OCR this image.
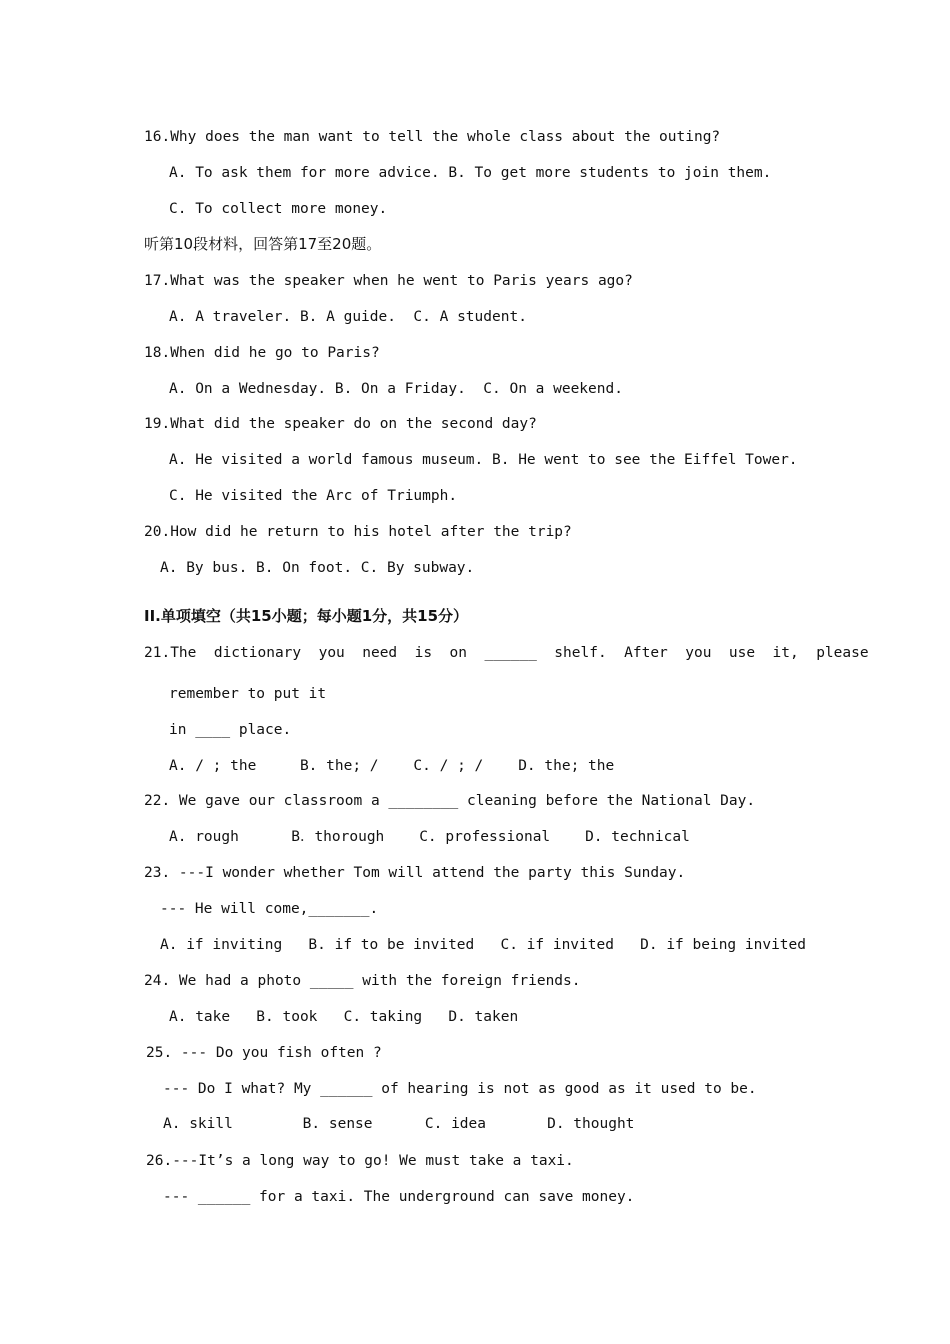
16.Why does the man want to tell the whole class about the outing?
A. To ask them for more advice. B. To get more students to join them.
C. To collect more money.
听第10段材料，回答第17至20题。
17.What was the speaker when he went to Paris years ago?
A. A traveler. B. A guide.  C. A student.
18.When did he go to Paris?
A. On a Wednesday. B. On a Friday.  C. On a weekend.
19.What did the speaker do on the second day?
A. He visited a world famous museum. B. He went to see the Eiffel Tower.
C. He visited the Arc of Triumph.
20.How did he return to his hotel after the trip?
A. By bus. B. On foot. C. By subway.
II.单项填空（共15小题；每小题1分，共15分）
21.The  dictionary  you  need  is  on  ______  shelf.  After  you  use  it,  please
remember to put it
in ____ place.
A. / ; the     B. the; /    C. / ; /    D. the; the
22. We gave our classroom a ________ cleaning before the National Day.
A. rough      B．thorough    C. professional    D. technical
23. ---I wonder whether Tom will attend the party this Sunday.
--- He will come,_______.
A. if inviting   B. if to be invited   C. if invited   D. if being invited
24. We had a photo _____ with the foreign friends.
A. take   B. took   C. taking   D. taken
25. --- Do you fish often ?
--- Do I what? My ______ of hearing is not as good as it used to be.
A. skill        B. sense      C. idea       D. thought
26.---It’s a long way to go! We must take a taxi.
--- ______ for a taxi. The underground can save money.
